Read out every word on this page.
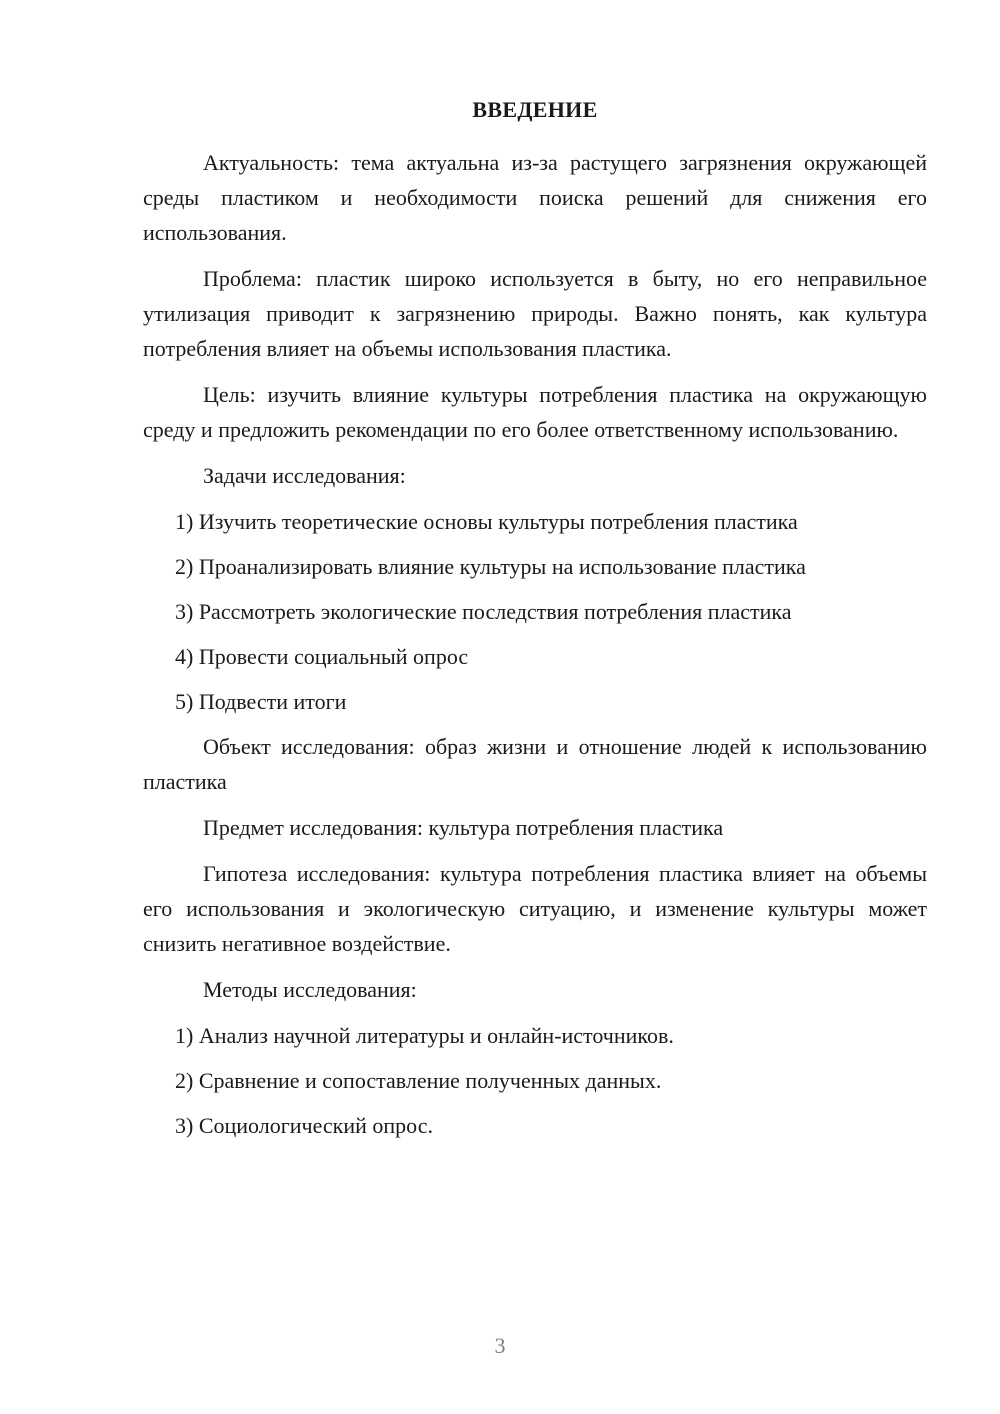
ВВЕДЕНИЕ

Актуальность: тема актуальна из-за растущего загрязнения окружающей среды пластиком и необходимости поиска решений для снижения его использования.

Проблема: пластик широко используется в быту, но его неправильное утилизация приводит к загрязнению природы. Важно понять, как культура потребления влияет на объемы использования пластика.

Цель: изучить влияние культуры потребления пластика на окружающую среду и предложить рекомендации по его более ответственному использованию.

Задачи исследования:

1) Изучить теоретические основы культуры потребления пластика
2) Проанализировать влияние культуры на использование пластика
3) Рассмотреть экологические последствия потребления пластика
4) Провести социальный опрос
5) Подвести итоги

Объект исследования: образ жизни и отношение людей к использованию пластика

Предмет исследования: культура потребления пластика

Гипотеза исследования: культура потребления пластика влияет на объемы его использования и экологическую ситуацию, и изменение культуры может снизить негативное воздействие.

Методы исследования:

1) Анализ научной литературы и онлайн-источников.
2) Сравнение и сопоставление полученных данных.
3) Социологический опрос.
3
